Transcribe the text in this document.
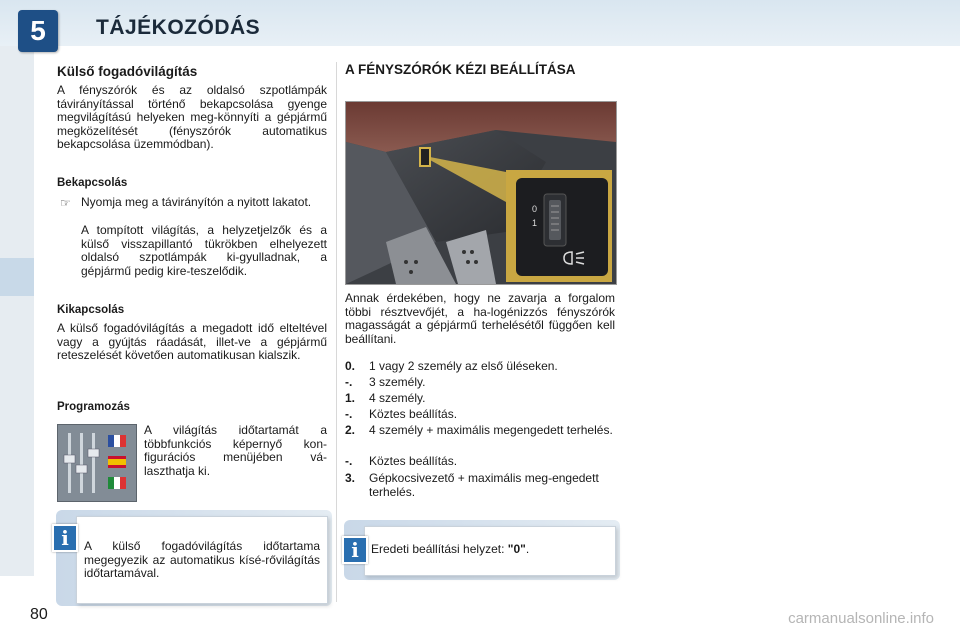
5	TÁJÉKOZÓDÁS
Külső fogadóvilágítás

A fényszórók és az oldalsó szpotlámpák távirányítással történő bekapcsolása gyenge megvilágítású helyeken meg-könnyíti a gépjármű megközelítését (fényszórók automatikus bekapcsolása üzemmódban).

Bekapcsolás
☞ Nyomja meg a távirányítón a nyitott lakatot.

A tompított világítás, a helyzetjelzők és a külső visszapillantó tükrökben elhelyezett oldalsó szpotlámpák ki-gyulladnak, a gépjármű pedig kire-teszelődik.

Kikapcsolás

A külső fogadóvilágítás a megadott idő elteltével vagy a gyújtás ráadását, illet-ve a gépjármű reteszelését követően automatikusan kialszik.

Programozás

A világítás időtartamát a többfunkciós képernyő kon-figurációs menüjében vá-laszthatja ki.

i	A külső fogadóvilágítás időtartama megegyezik az automatikus kísé-rővilágítás időtartamával.

A FÉNYSZÓRÓK KÉZI BEÁLLÍTÁSA
0
1

Annak érdekében, hogy ne zavarja a forgalom többi résztvevőjét, a ha-logénizzós fényszórók magasságát a gépjármű terhelésétől függően kell beállítani.

0. 1 vagy 2 személy az első üléseken.
-. 3 személy.
1. 4 személy.
-. Köztes beállítás.
2. 4 személy + maximális megengedett terhelés.
-. Köztes beállítás.
3. Gépkocsivezető + maximális meg-engedett terhelés.
i	Eredeti beállítási helyzet: "0".
80	carmanualsonline.info
